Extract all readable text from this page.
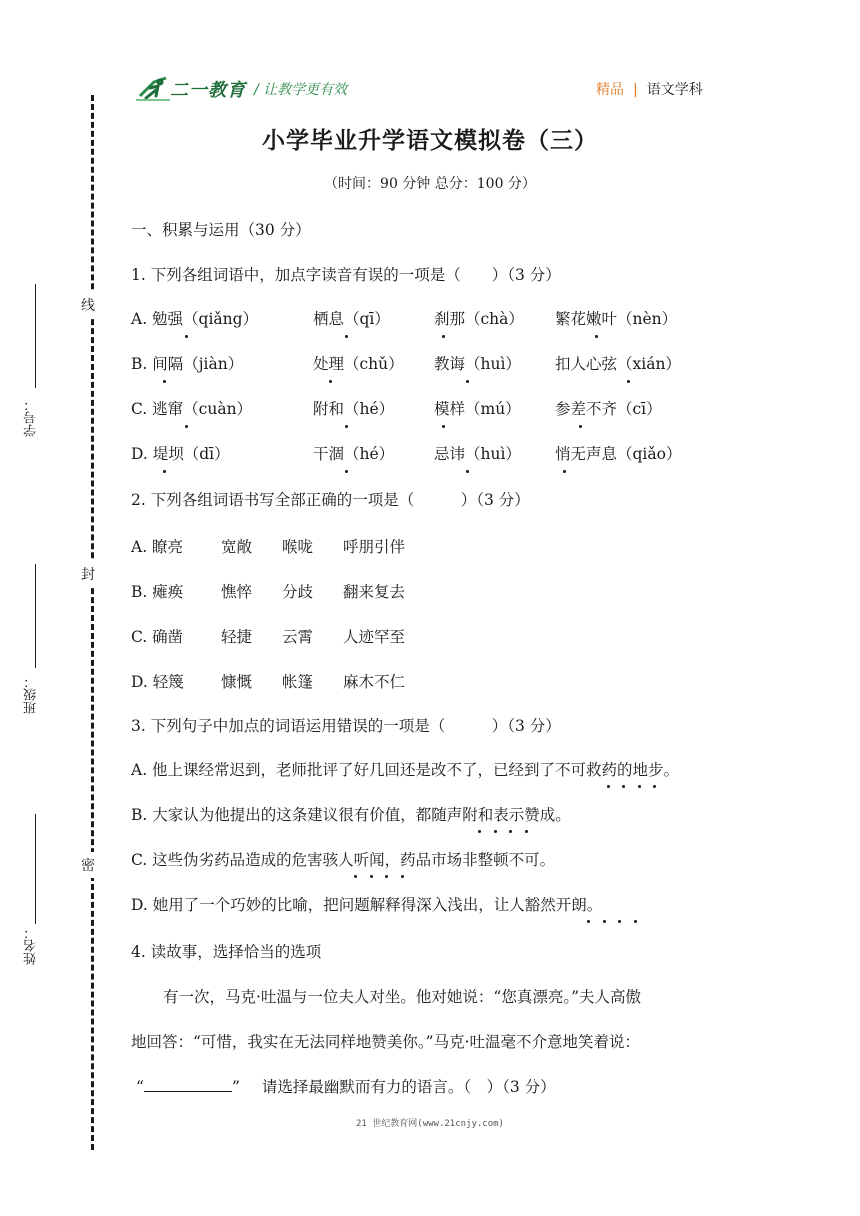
线
封
密
学号：
班级：
姓名：
二一教育 / 让教学更有效	精品 | 语文学科
小学毕业升学语文模拟卷（三）
（时间：90 分钟 总分：100 分）
一、积累与运用（30 分）
1. 下列各组词语中，加点字读音有误的一项是（　　）（3 分）
A. 勉强（qiǎng）	栖息（qī）	刹那（chà） 繁花嫩叶（nèn）
B. 间隔（jiàn）	处理（chǔ） 教诲（huì） 扣人心弦（xián）
C. 逃窜（cuàn）	附和（hé）	模样（mú） 参差不齐（cī）
D. 堤坝（dī）	干涸（hé）	忌讳（huì） 悄无声息（qiǎo）
2. 下列各组词语书写全部正确的一项是（　　　）（3 分）
A. 瞭亮 宽敞 喉咙 呼朋引伴
B. 瘫痪 憔悴 分歧 翻来复去
C. 确凿 轻捷 云霄 人迹罕至
D. 轻篾 慷慨 帐篷 麻木不仁
3. 下列句子中加点的词语运用错误的一项是（　　　）（3 分）
A. 他上课经常迟到，老师批评了好几回还是改不了，已经到了不可救药的地步。
B. 大家认为他提出的这条建议很有价值，都随声附和表示赞成。
C. 这些伪劣药品造成的危害骇人听闻，药品市场非整顿不可。
D. 她用了一个巧妙的比喻，把问题解释得深入浅出，让人豁然开朗。
4. 读故事，选择恰当的选项
有一次，马克·吐温与一位夫人对坐。他对她说：“您真漂亮。”夫人高傲
地回答：“可惜，我实在无法同样地赞美你。”马克·吐温毫不介意地笑着说：
“	” 请选择最幽默而有力的语言。（　）（3 分）
21 世纪教育网(www.21cnjy.com)
